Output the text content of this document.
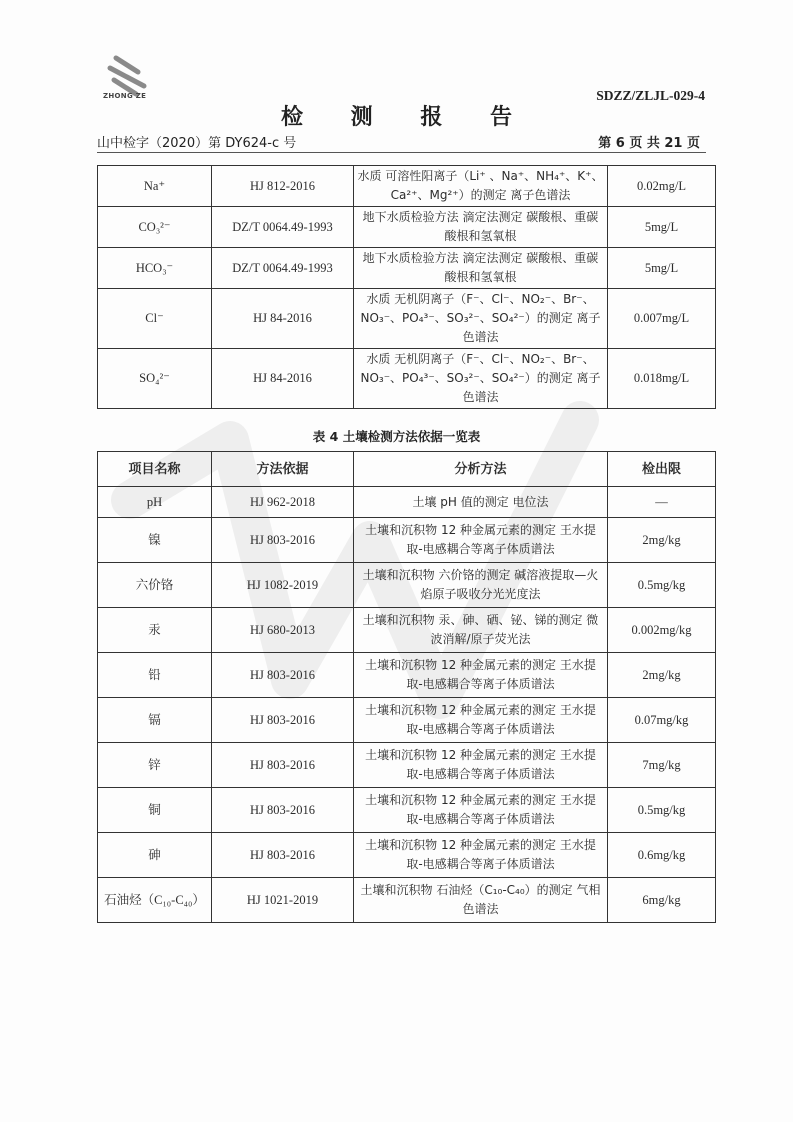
ZHONG ZE	SDZZ/ZLJL-029-4
检 测 报 告
山中检字（2020）第 DY624-c 号	第 6 页 共 21 页
Na⁺	HJ 812-2016	水质 可溶性阳离子（Li⁺ 、Na⁺、NH₄⁺、K⁺、Ca²⁺、Mg²⁺）的测定 离子色谱法	0.02mg/L
CO₃²⁻	DZ/T 0064.49-1993	地下水质检验方法 滴定法测定 碳酸根、重碳酸根和氢氧根	5mg/L
HCO₃⁻	DZ/T 0064.49-1993	地下水质检验方法 滴定法测定 碳酸根、重碳酸根和氢氧根	5mg/L
Cl⁻	HJ 84-2016	水质 无机阴离子（F⁻、Cl⁻、NO₂⁻、Br⁻、NO₃⁻、PO₄³⁻、SO₃²⁻、SO₄²⁻）的测定 离子色谱法	0.007mg/L
SO₄²⁻	HJ 84-2016	水质 无机阴离子（F⁻、Cl⁻、NO₂⁻、Br⁻、NO₃⁻、PO₄³⁻、SO₃²⁻、SO₄²⁻）的测定 离子色谱法	0.018mg/L
表 4 土壤检测方法依据一览表
项目名称	方法依据	分析方法	检出限
pH	HJ 962-2018	土壤 pH 值的测定 电位法	—
镍	HJ 803-2016	土壤和沉积物 12 种金属元素的测定 王水提取-电感耦合等离子体质谱法	2mg/kg
六价铬	HJ 1082-2019	土壤和沉积物 六价铬的测定 碱溶液提取—火焰原子吸收分光光度法	0.5mg/kg
汞	HJ 680-2013	土壤和沉积物 汞、砷、硒、铋、锑的测定 微波消解/原子荧光法	0.002mg/kg
铅	HJ 803-2016	土壤和沉积物 12 种金属元素的测定 王水提取-电感耦合等离子体质谱法	2mg/kg
镉	HJ 803-2016	土壤和沉积物 12 种金属元素的测定 王水提取-电感耦合等离子体质谱法	0.07mg/kg
锌	HJ 803-2016	土壤和沉积物 12 种金属元素的测定 王水提取-电感耦合等离子体质谱法	7mg/kg
铜	HJ 803-2016	土壤和沉积物 12 种金属元素的测定 王水提取-电感耦合等离子体质谱法	0.5mg/kg
砷	HJ 803-2016	土壤和沉积物 12 种金属元素的测定 王水提取-电感耦合等离子体质谱法	0.6mg/kg
石油烃（C₁₀-C₄₀）	HJ 1021-2019	土壤和沉积物 石油烃（C₁₀-C₄₀）的测定 气相色谱法	6mg/kg
